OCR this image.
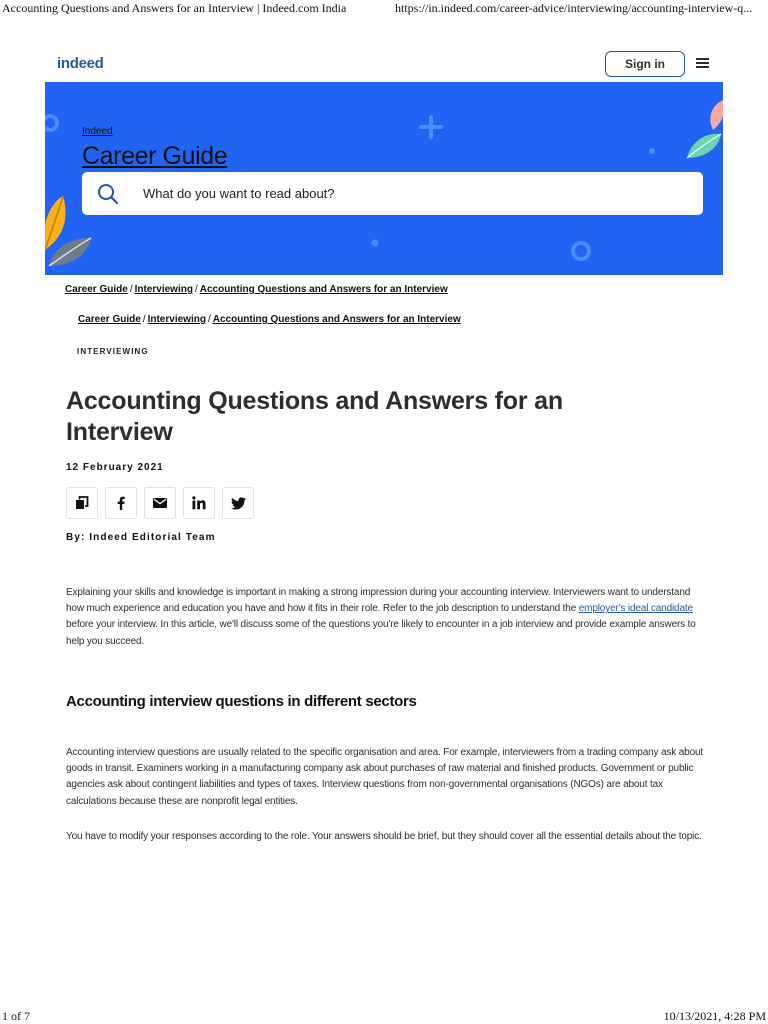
Accounting Questions and Answers for an Interview | Indeed.com India	https://in.indeed.com/career-advice/interviewing/accounting-interview-q...
indeed	Sign in
Indeed
Career Guide
What do you want to read about?
Career Guide / Interviewing / Accounting Questions and Answers for an Interview
Career Guide / Interviewing / Accounting Questions and Answers for an Interview
INTERVIEWING
Accounting Questions and Answers for an Interview
12 February 2021
By: Indeed Editorial Team

Explaining your skills and knowledge is important in making a strong impression during your accounting interview. Interviewers want to understand how much experience and education you have and how it fits in their role. Refer to the job description to understand the employer's ideal candidate before your interview. In this article, we'll discuss some of the questions you're likely to encounter in a job interview and provide example answers to help you succeed.

Accounting interview questions in different sectors

Accounting interview questions are usually related to the specific organisation and area. For example, interviewers from a trading company ask about goods in transit. Examiners working in a manufacturing company ask about purchases of raw material and finished products. Government or public agencies ask about contingent liabilities and types of taxes. Interview questions from non-governmental organisations (NGOs) are about tax calculations because these are nonprofit legal entities.

You have to modify your responses according to the role. Your answers should be brief, but they should cover all the essential details about the topic.

1 of 7	10/13/2021, 4:28 PM
